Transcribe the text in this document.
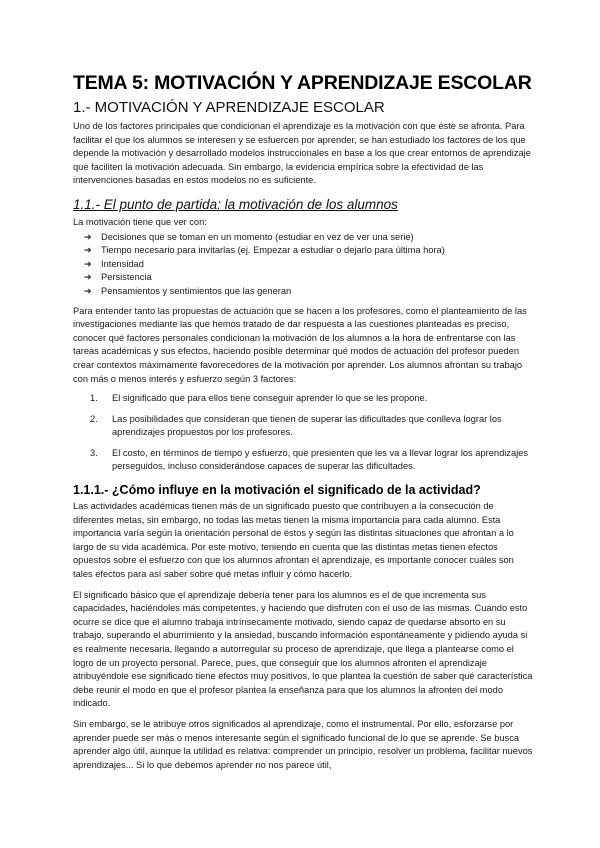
TEMA 5: MOTIVACIÓN Y APRENDIZAJE ESCOLAR
1.- MOTIVACIÓN Y APRENDIZAJE ESCOLAR

Uno de los factores principales que condicionan el aprendizaje es la motivación con que éste se afronta. Para facilitar el que los alumnos se interesen y se esfuercen por aprender, se han estudiado los factores de los que depende la motivación y desarrollado modelos instruccionales en base a los que crear entornos de aprendizaje que faciliten la motivación adecuada. Sin embargo, la evidencia empírica sobre la efectividad de las intervenciones basadas en estos modelos no es suficiente.

1.1.- El punto de partida: la motivación de los alumnos

La motivación tiene que ver con:

➔	Decisiones que se toman en un momento (estudiar en vez de ver una serie)
➔	Tiempo necesario para invitarlas (ej. Empezar a estudiar o dejarlo para última hora)
➔	Intensidad
➔	Persistencia
➔	Pensamientos y sentimientos que las generan

Para entender tanto las propuestas de actuación que se hacen a los profesores, como el planteamiento de las investigaciones mediante las que hemos tratado de dar respuesta a las cuestiones planteadas es preciso, conocer qué factores personales condicionan la motivación de los alumnos a la hora de enfrentarse con las tareas académicas y sus efectos, haciendo posible determinar qué modos de actuación del profesor pueden crear contextos máximamente favorecedores de la motivación por aprender. Los alumnos afrontan su trabajo con más o menos interés y esfuerzo según 3 factores:

1.	El significado que para ellos tiene conseguir aprender lo que se les propone.
2.	Las posibilidades que consideran que tienen de superar las dificultades que conlleva lograr los aprendizajes propuestos por los profesores.
3.	El costo, en términos de tiempo y esfuerzo, que presienten que les va a llevar lograr los aprendizajes perseguidos, incluso considerándose capaces de superar las dificultades.
1.1.1.- ¿Cómo influye en la motivación el significado de la actividad?

Las actividades académicas tienen más de un significado puesto que contribuyen a la consecución de diferentes metas, sin embargo, no todas las metas tienen la misma importancia para cada alumno. Esta importancia varía según la orientación personal de éstos y según las distintas situaciones que afrontan a lo largo de su vida académica. Por este motivo, teniendo en cuenta que las distintas metas tienen efectos opuestos sobre el esfuerzo con que los alumnos afrontan el aprendizaje, es importante conocer cuáles son tales efectos para así saber sobre qué metas influir y cómo hacerlo.

El significado básico que el aprendizaje debería tener para los alumnos es el de que incrementa sus capacidades, haciéndoles más competentes, y haciendo que disfruten con el uso de las mismas. Cuando esto ocurre se dice que el alumno trabaja intrínsecamente motivado, siendo capaz de quedarse absorto en su trabajo, superando el aburrimiento y la ansiedad, buscando información espontáneamente y pidiendo ayuda si es realmente necesaria, llegando a autorregular su proceso de aprendizaje, que llega a plantearse como el logro de un proyecto personal. Parece, pues, que conseguir que los alumnos afronten el aprendizaje atribuyéndole ese significado tiene efectos muy positivos, lo que plantea la cuestión de saber qué característica debe reunir el modo en que el profesor plantea la enseñanza para que los alumnos la afronten del modo indicado.

Sin embargo, se le atribuye otros significados al aprendizaje, como el instrumental. Por ello, esforzarse por aprender puede ser más o menos interesante según el significado funcional de lo que se aprende. Se busca aprender algo útil, aunque la utilidad es relativa: comprender un principio, resolver un problema, facilitar nuevos aprendizajes... Si lo que debemos aprender no nos parece útil,
